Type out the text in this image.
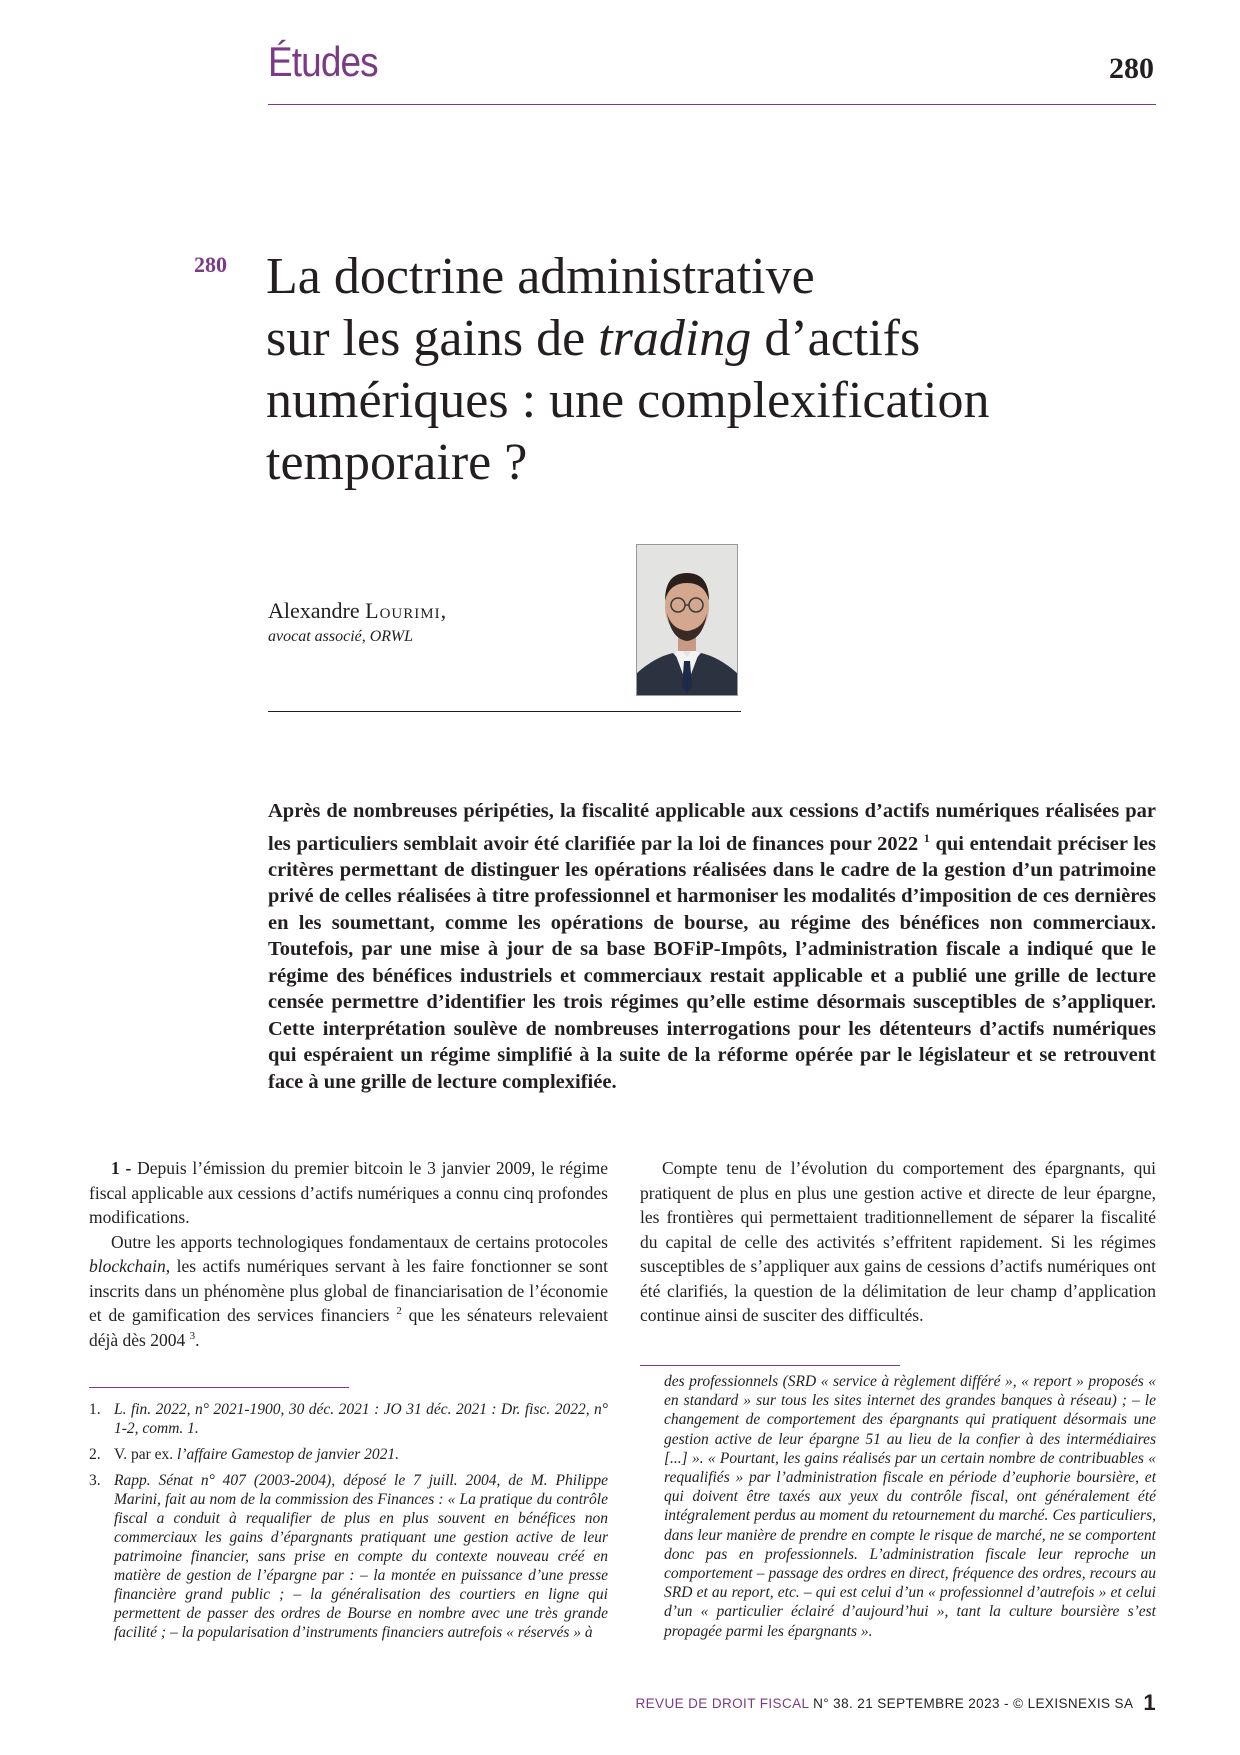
Études	280
280 La doctrine administrative
sur les gains de trading d’actifs
numériques : une complexification
temporaire ?
Alexandre Lourimi,
avocat associé, ORWL
Après de nombreuses péripéties, la fiscalité applicable aux cessions d’actifs numériques réalisées par les particuliers semblait avoir été clarifiée par la loi de finances pour 2022 $^1$ qui entendait préciser les critères permettant de distinguer les opérations réalisées dans le cadre de la gestion d’un patrimoine privé de celles réalisées à titre professionnel et harmoniser les modalités d’imposition de ces dernières en les soumettant, comme les opérations de bourse, au régime des bénéfices non commerciaux. Toutefois, par une mise à jour de sa base BOFiP-Impôts, l’administration fiscale a indiqué que le régime des bénéfices industriels et commerciaux restait applicable et a publié une grille de lecture censée permettre d’identifier les trois régimes qu’elle estime désormais susceptibles de s’appliquer. Cette interprétation soulève de nombreuses interrogations pour les détenteurs d’actifs numériques qui espéraient un régime simplifié à la suite de la réforme opérée par le législateur et se retrouvent face à une grille de lecture complexifiée.

1 - Depuis l’émission du premier bitcoin le 3 janvier 2009, le régime fiscal applicable aux cessions d’actifs numériques a connu cinq profondes modifications.

Outre les apports technologiques fondamentaux de certains protocoles blockchain, les actifs numériques servant à les faire fonctionner se sont inscrits dans un phénomène plus global de financiarisation de l’économie et de gamification des services financiers $^2$ que les sénateurs relevaient déjà dès 2004 $^3$.

Compte tenu de l’évolution du comportement des épargnants, qui pratiquent de plus en plus une gestion active et directe de leur épargne, les frontières qui permettaient traditionnellement de séparer la fiscalité du capital de celle des activités s’effritent rapidement. Si les régimes susceptibles de s’appliquer aux gains de cessions d’actifs numériques ont été clarifiés, la question de la délimitation de leur champ d’application continue ainsi de susciter des difficultés.

1. L. fin. 2022, n° 2021-1900, 30 déc. 2021 : JO 31 déc. 2021 : Dr. fisc. 2022, n° 1-2, comm. 1.
2. V. par ex. l’affaire Gamestop de janvier 2021.
3. Rapp. Sénat n° 407 (2003-2004), déposé le 7 juill. 2004, de M. Philippe Marini, fait au nom de la commission des Finances : « La pratique du contrôle fiscal a conduit à requalifier de plus en plus souvent en bénéfices non commerciaux les gains d’épargnants pratiquant une gestion active de leur patrimoine financier, sans prise en compte du contexte nouveau créé en matière de gestion de l’épargne par : – la montée en puissance d’une presse financière grand public ; – la généralisation des courtiers en ligne qui permettent de passer des ordres de Bourse en nombre avec une très grande facilité ; – la popularisation d’instruments financiers autrefois « réservés » à
des professionnels (SRD « service à règlement différé », « report » proposés « en standard » sur tous les sites internet des grandes banques à réseau) ; – le changement de comportement des épargnants qui pratiquent désormais une gestion active de leur épargne 51 au lieu de la confier à des intermédiaires [...] ». « Pourtant, les gains réalisés par un certain nombre de contribuables « requalifiés » par l’administration fiscale en période d’euphorie boursière, et qui doivent être taxés aux yeux du contrôle fiscal, ont généralement été intégralement perdus au moment du retournement du marché. Ces particuliers, dans leur manière de prendre en compte le risque de marché, ne se comportent donc pas en professionnels. L’administration fiscale leur reproche un comportement – passage des ordres en direct, fréquence des ordres, recours au SRD et au report, etc. – qui est celui d’un « professionnel d’autrefois » et celui d’un « particulier éclairé d’aujourd’hui », tant la culture boursière s’est propagée parmi les épargnants ».
REVUE DE DROIT FISCAL N° 38. 21 SEPTEMBRE 2023 - © LEXISNEXIS SA 1
